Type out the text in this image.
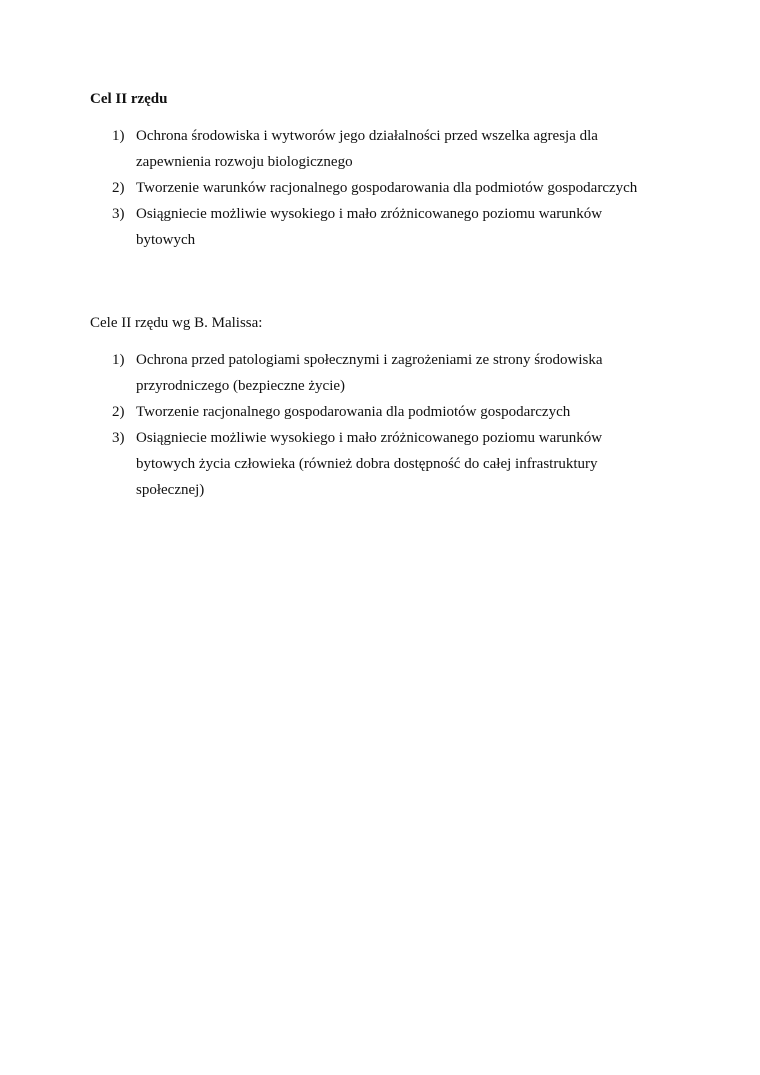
Cel II rzędu
1) Ochrona środowiska i wytworów jego działalności przed wszelka agresja dla zapewnienia rozwoju biologicznego
2) Tworzenie warunków racjonalnego gospodarowania dla podmiotów gospodarczych
3) Osiągniecie możliwie wysokiego i mało zróżnicowanego poziomu warunków bytowych
Cele II rzędu wg B. Malissa:
1) Ochrona przed patologiami społecznymi i zagrożeniami ze strony środowiska przyrodniczego (bezpieczne życie)
2) Tworzenie racjonalnego gospodarowania dla podmiotów gospodarczych
3) Osiągniecie możliwie wysokiego i mało zróżnicowanego poziomu warunków bytowych życia człowieka (również dobra dostępność do całej infrastruktury społecznej)
